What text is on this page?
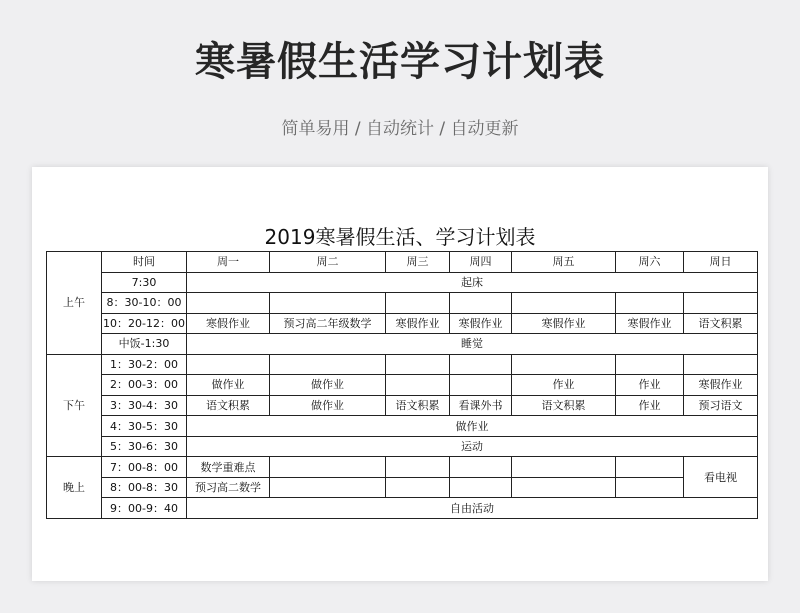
寒暑假生活学习计划表
简单易用 / 自动统计 / 自动更新
2019寒暑假生活、学习计划表
上午	时间	周一	周二	周三	周四	周五	周六	周日
	7:30	起床						
	8：30-10：00							
	10：20-12：00	寒假作业	预习高二年级数学	寒假作业	寒假作业	寒假作业	寒假作业	语文积累
	中饭-1:30	睡觉						
下午	1：30-2：00							
	2：00-3：00	做作业	做作业			作业	作业	寒假作业
	3：30-4：30	语文积累	做作业	语文积累	看课外书	语文积累	作业	预习语文
	4：30-5：30	做作业						
	5：30-6：30	运动						
晚上	7：00-8：00	数学重难点						看电视
	8：00-8：30	预习高二数学						
	9：00-9：40	自由活动						
